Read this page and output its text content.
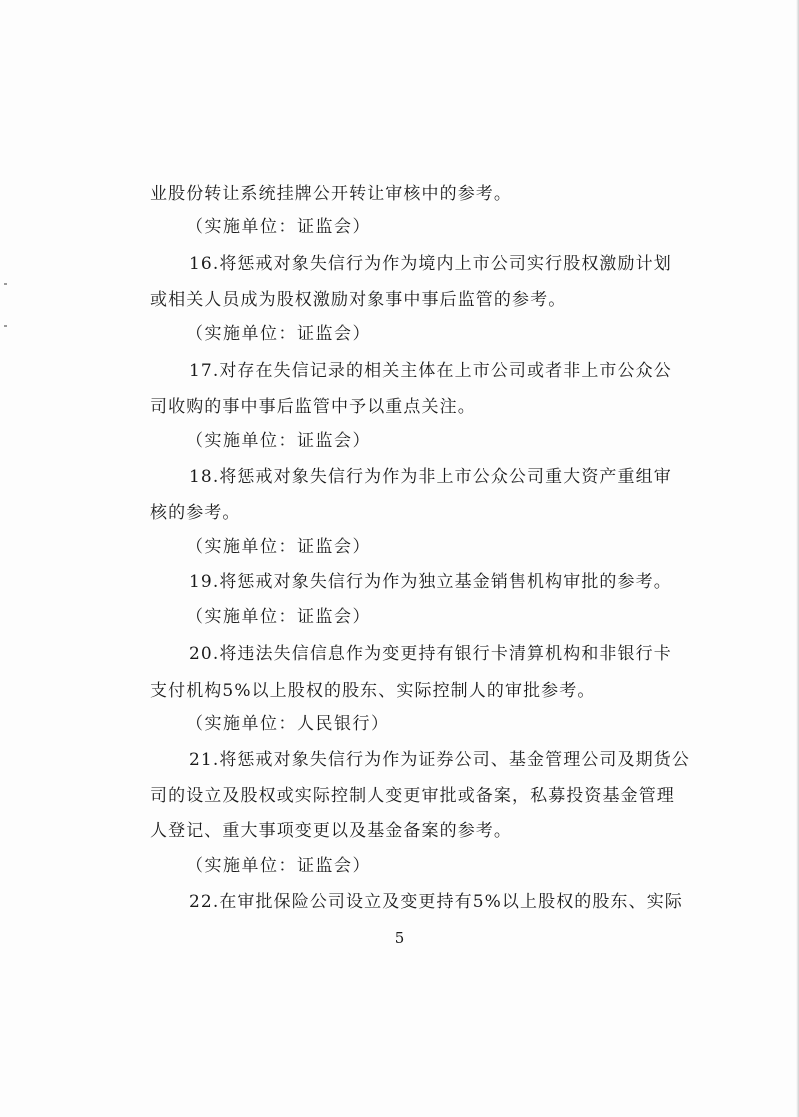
业股份转让系统挂牌公开转让审核中的参考。
（实施单位：证监会）
16.将惩戒对象失信行为作为境内上市公司实行股权激励计划
或相关人员成为股权激励对象事中事后监管的参考。
（实施单位：证监会）
17.对存在失信记录的相关主体在上市公司或者非上市公众公
司收购的事中事后监管中予以重点关注。
（实施单位：证监会）
18.将惩戒对象失信行为作为非上市公众公司重大资产重组审
核的参考。
（实施单位：证监会）
19.将惩戒对象失信行为作为独立基金销售机构审批的参考。
（实施单位：证监会）
20.将违法失信信息作为变更持有银行卡清算机构和非银行卡
支付机构5%以上股权的股东、实际控制人的审批参考。
（实施单位：人民银行）
21.将惩戒对象失信行为作为证券公司、基金管理公司及期货公
司的设立及股权或实际控制人变更审批或备案，私募投资基金管理
人登记、重大事项变更以及基金备案的参考。
（实施单位：证监会）
22.在审批保险公司设立及变更持有5%以上股权的股东、实际
5
